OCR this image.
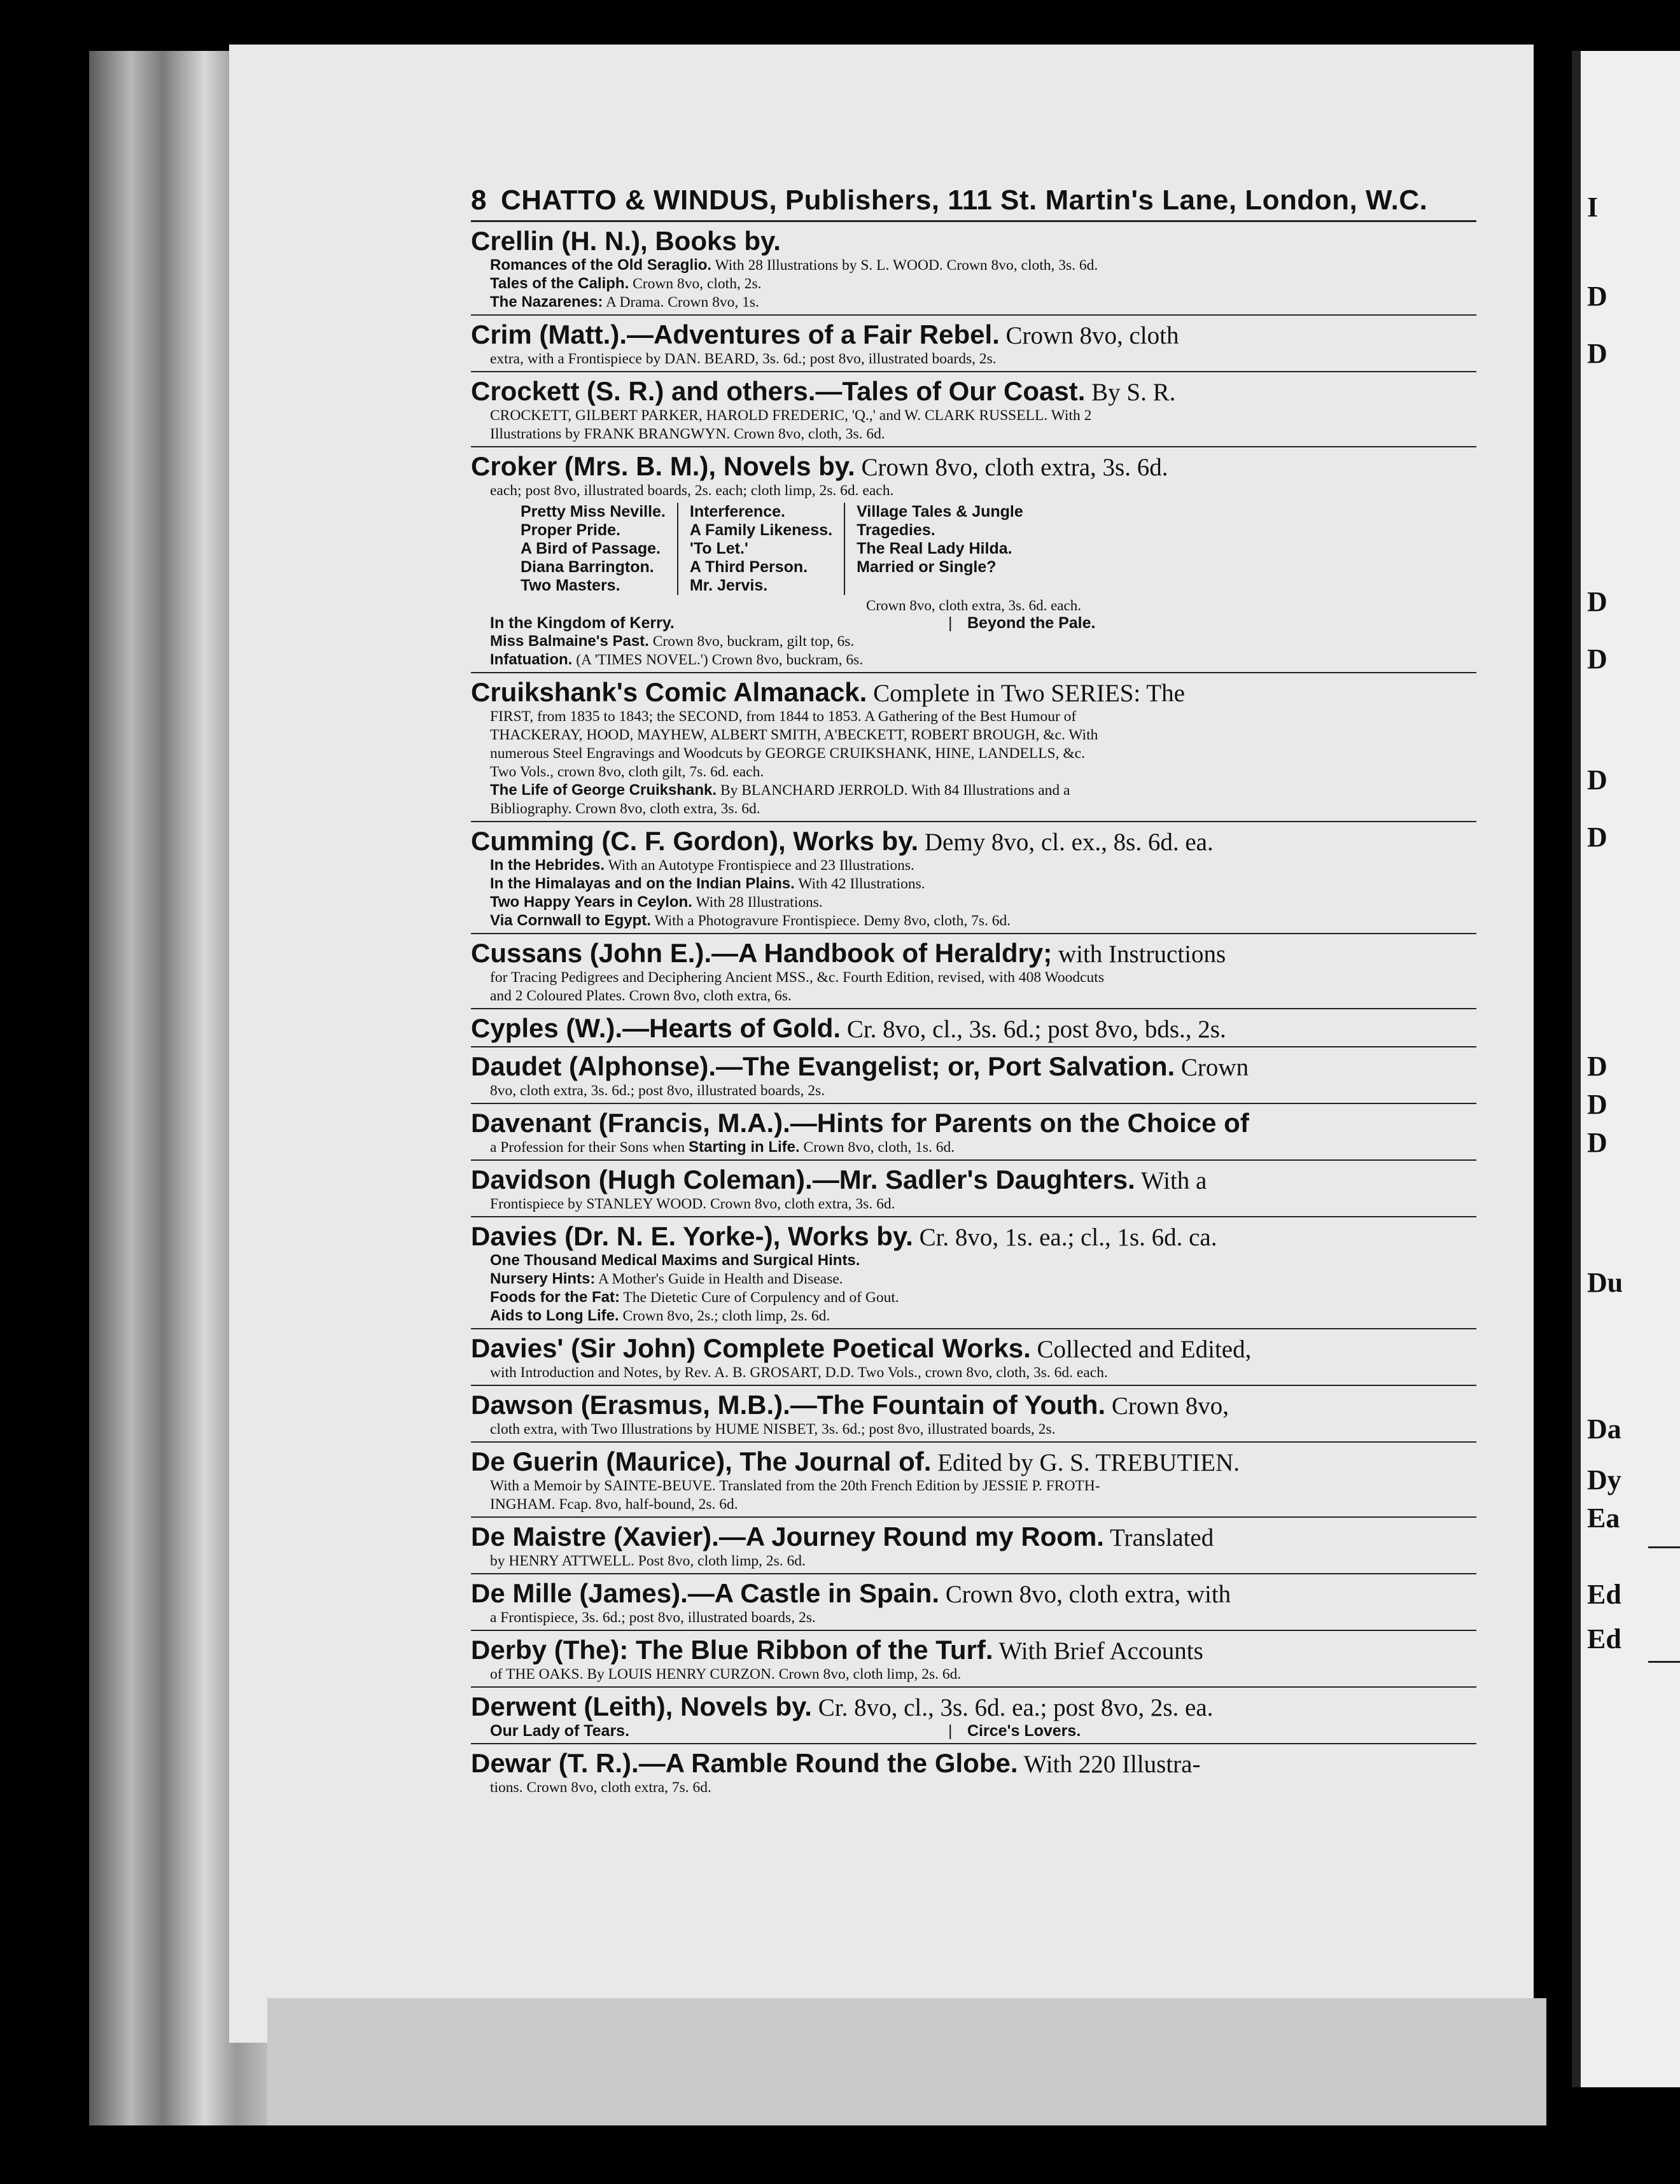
I
D
D
D
D
D
D
D
D
D
Du
Da
Dy
Ea
Ed
Ed
8 CHATTO & WINDUS, Publishers, 111 St. Martin's Lane, London, W.C.
Crellin (H. N.), Books by.
Romances of the Old Seraglio. With 28 Illustrations by S. L. WOOD. Crown 8vo, cloth, 3s. 6d.
Tales of the Caliph. Crown 8vo, cloth, 2s.
The Nazarenes: A Drama. Crown 8vo, 1s.
Crim (Matt.).—Adventures of a Fair Rebel. Crown 8vo, cloth
extra, with a Frontispiece by DAN. BEARD, 3s. 6d.; post 8vo, illustrated boards, 2s.
Crockett (S. R.) and others.—Tales of Our Coast. By S. R.
CROCKETT, GILBERT PARKER, HAROLD FREDERIC, 'Q.,' and W. CLARK RUSSELL. With 2
Illustrations by FRANK BRANGWYN. Crown 8vo, cloth, 3s. 6d.
Croker (Mrs. B. M.), Novels by. Crown 8vo, cloth extra, 3s. 6d.
each; post 8vo, illustrated boards, 2s. each; cloth limp, 2s. 6d. each.
Pretty Miss Neville.
Proper Pride.
A Bird of Passage.
Diana Barrington.
Two Masters.
Interference.
A Family Likeness.
'To Let.'
A Third Person.
Mr. Jervis.
Village Tales & Jungle
Tragedies.
The Real Lady Hilda.
Married or Single?
Crown 8vo, cloth extra, 3s. 6d. each.
In the Kingdom of Kerry.	| Beyond the Pale.
Miss Balmaine's Past. Crown 8vo, buckram, gilt top, 6s.
Infatuation. (A 'TIMES NOVEL.') Crown 8vo, buckram, 6s.
Cruikshank's Comic Almanack. Complete in Two SERIES: The
FIRST, from 1835 to 1843; the SECOND, from 1844 to 1853. A Gathering of the Best Humour of
THACKERAY, HOOD, MAYHEW, ALBERT SMITH, A'BECKETT, ROBERT BROUGH, &c. With
numerous Steel Engravings and Woodcuts by GEORGE CRUIKSHANK, HINE, LANDELLS, &c.
Two Vols., crown 8vo, cloth gilt, 7s. 6d. each.
The Life of George Cruikshank. By BLANCHARD JERROLD. With 84 Illustrations and a
Bibliography. Crown 8vo, cloth extra, 3s. 6d.
Cumming (C. F. Gordon), Works by. Demy 8vo, cl. ex., 8s. 6d. ea.
In the Hebrides. With an Autotype Frontispiece and 23 Illustrations.
In the Himalayas and on the Indian Plains. With 42 Illustrations.
Two Happy Years in Ceylon. With 28 Illustrations.
Via Cornwall to Egypt. With a Photogravure Frontispiece. Demy 8vo, cloth, 7s. 6d.
Cussans (John E.).—A Handbook of Heraldry; with Instructions
for Tracing Pedigrees and Deciphering Ancient MSS., &c. Fourth Edition, revised, with 408 Woodcuts
and 2 Coloured Plates. Crown 8vo, cloth extra, 6s.
Cyples (W.).—Hearts of Gold. Cr. 8vo, cl., 3s. 6d.; post 8vo, bds., 2s.
Daudet (Alphonse).—The Evangelist; or, Port Salvation. Crown
8vo, cloth extra, 3s. 6d.; post 8vo, illustrated boards, 2s.
Davenant (Francis, M.A.).—Hints for Parents on the Choice of
a Profession for their Sons when Starting in Life. Crown 8vo, cloth, 1s. 6d.
Davidson (Hugh Coleman).—Mr. Sadler's Daughters. With a
Frontispiece by STANLEY WOOD. Crown 8vo, cloth extra, 3s. 6d.
Davies (Dr. N. E. Yorke-), Works by. Cr. 8vo, 1s. ea.; cl., 1s. 6d. ca.
One Thousand Medical Maxims and Surgical Hints.
Nursery Hints: A Mother's Guide in Health and Disease.
Foods for the Fat: The Dietetic Cure of Corpulency and of Gout.
Aids to Long Life. Crown 8vo, 2s.; cloth limp, 2s. 6d.
Davies' (Sir John) Complete Poetical Works. Collected and Edited,
with Introduction and Notes, by Rev. A. B. GROSART, D.D. Two Vols., crown 8vo, cloth, 3s. 6d. each.
Dawson (Erasmus, M.B.).—The Fountain of Youth. Crown 8vo,
cloth extra, with Two Illustrations by HUME NISBET, 3s. 6d.; post 8vo, illustrated boards, 2s.
De Guerin (Maurice), The Journal of. Edited by G. S. TREBUTIEN.
With a Memoir by SAINTE-BEUVE. Translated from the 20th French Edition by JESSIE P. FROTH-
INGHAM. Fcap. 8vo, half-bound, 2s. 6d.
De Maistre (Xavier).—A Journey Round my Room. Translated
by HENRY ATTWELL. Post 8vo, cloth limp, 2s. 6d.
De Mille (James).—A Castle in Spain. Crown 8vo, cloth extra, with
a Frontispiece, 3s. 6d.; post 8vo, illustrated boards, 2s.
Derby (The): The Blue Ribbon of the Turf. With Brief Accounts
of THE OAKS. By LOUIS HENRY CURZON. Crown 8vo, cloth limp, 2s. 6d.
Derwent (Leith), Novels by. Cr. 8vo, cl., 3s. 6d. ea.; post 8vo, 2s. ea.
Our Lady of Tears.	| Circe's Lovers.
Dewar (T. R.).—A Ramble Round the Globe. With 220 Illustra-
tions. Crown 8vo, cloth extra, 7s. 6d.
